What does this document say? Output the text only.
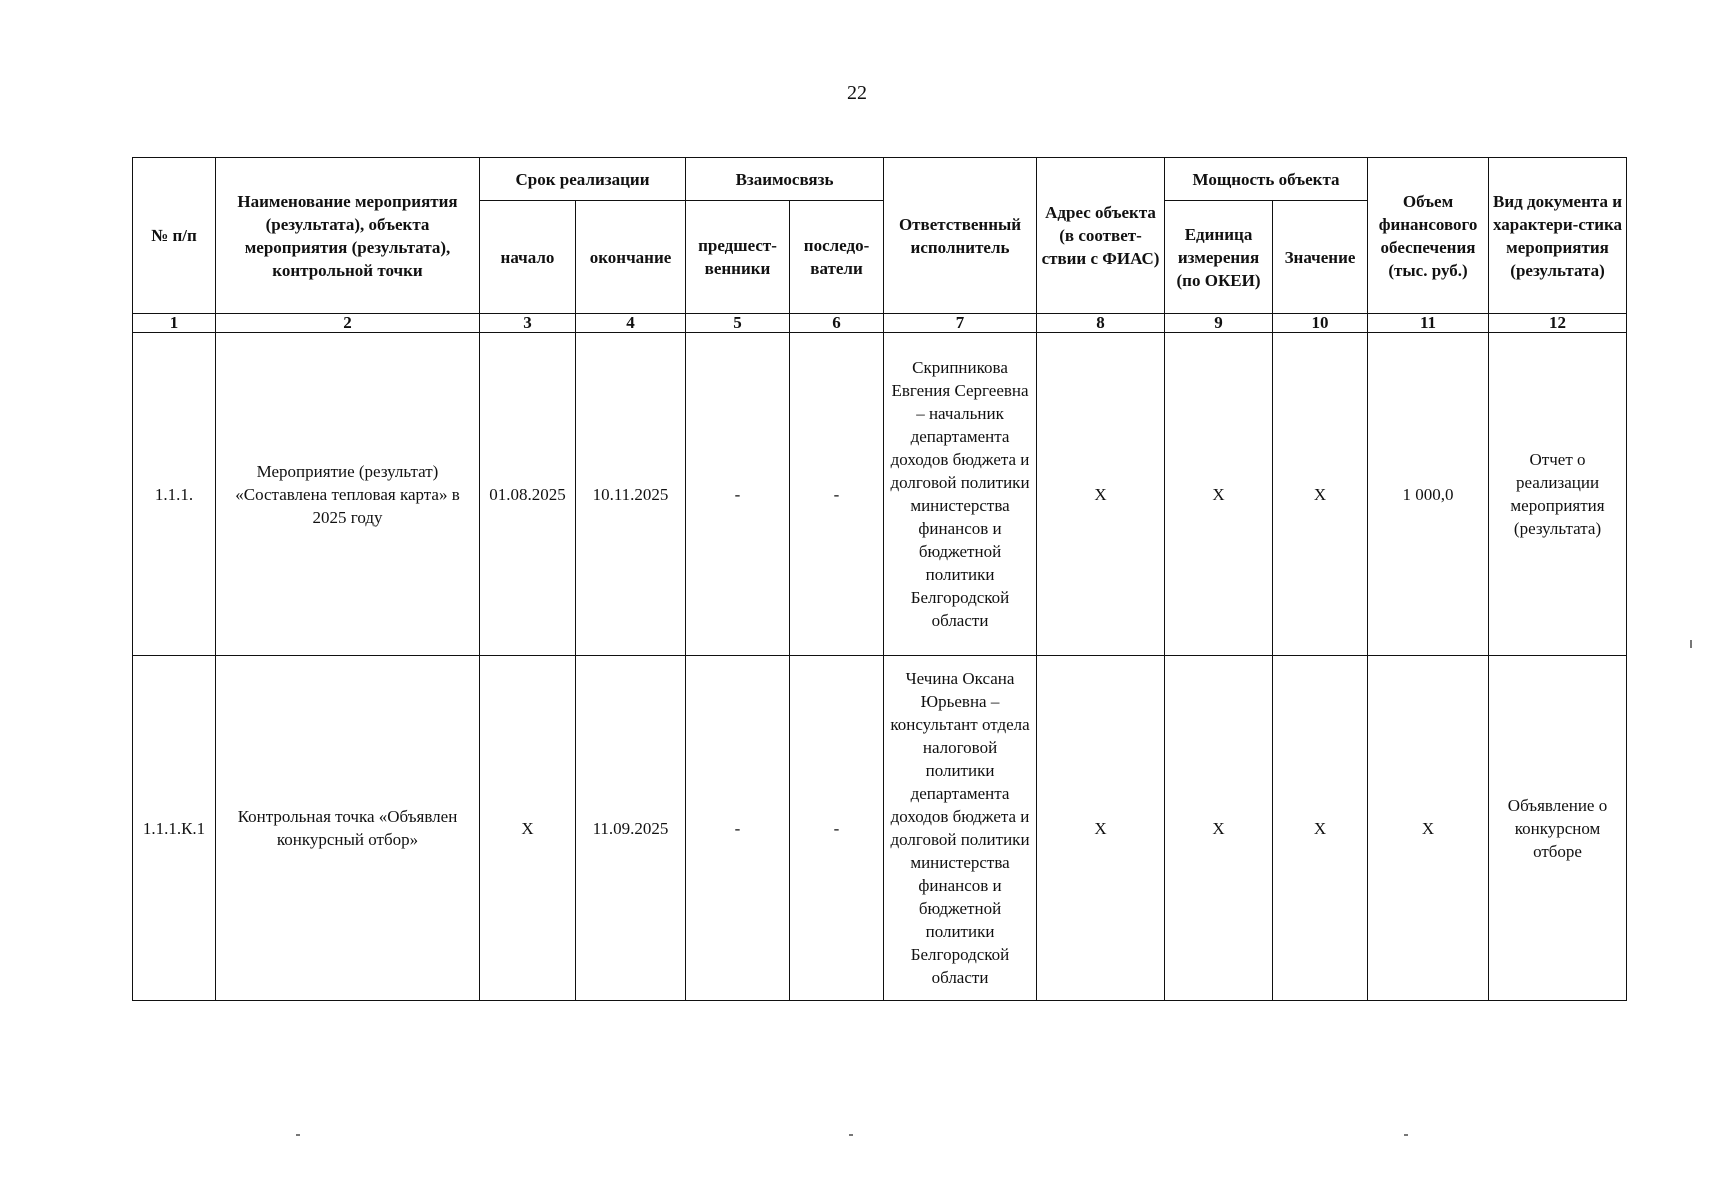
22
№ п/п	Наименование мероприятия (результата), объекта мероприятия (результата), контрольной точки	Срок реализации		Взаимосвязь		Ответственный исполнитель	Адрес объекта (в соответ-ствии с ФИАС)	Мощность объекта		Объем финансового обеспечения (тыс. руб.)	Вид документа и характери-стика мероприятия (результата)
		начало	окончание	предшест-венники	последо-ватели			Единица измерения (по ОКЕИ)	Значение		
1	2	3	4	5	6	7	8	9	10	11	12
1.1.1.	Мероприятие (результат) «Составлена тепловая карта» в 2025 году	01.08.2025	10.11.2025	-	-	Скрипникова Евгения Сергеевна – начальник департамента доходов бюджета и долговой политики министерства финансов и бюджетной политики Белгородской области	Х	Х	Х	1 000,0	Отчет о реализации мероприятия (результата)
1.1.1.К.1	Контрольная точка «Объявлен конкурсный отбор»	Х	11.09.2025	-	-	Чечина Оксана Юрьевна – консультант отдела налоговой политики департамента доходов бюджета и долговой политики министерства финансов и бюджетной политики Белгородской области	Х	Х	Х	Х	Объявление о конкурсном отборе
